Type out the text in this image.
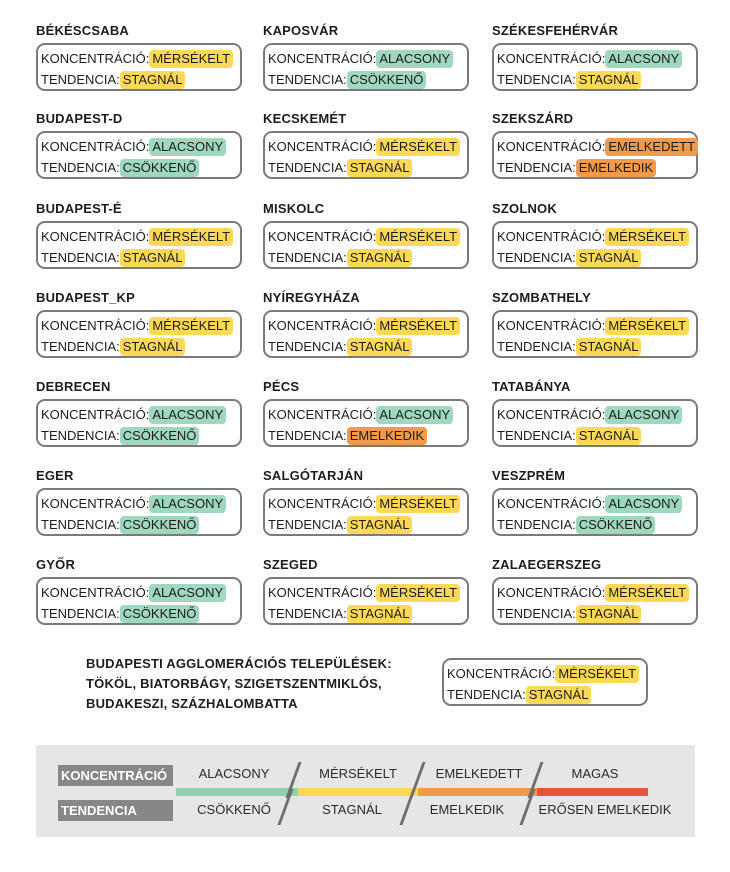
BÉKÉSCSABA
KONCENTRÁCIÓ: MÉRSÉKELT
TENDENCIA: STAGNÁL
KAPOSVÁR
KONCENTRÁCIÓ: ALACSONY
TENDENCIA: CSÖKKENŐ
SZÉKESFEHÉRVÁR
KONCENTRÁCIÓ: ALACSONY
TENDENCIA: STAGNÁL
BUDAPEST-D
KONCENTRÁCIÓ: ALACSONY
TENDENCIA: CSÖKKENŐ
KECSKEMÉT
KONCENTRÁCIÓ: MÉRSÉKELT
TENDENCIA: STAGNÁL
SZEKSZÁRD
KONCENTRÁCIÓ: EMELKEDETT
TENDENCIA: EMELKEDIK
BUDAPEST-É
KONCENTRÁCIÓ: MÉRSÉKELT
TENDENCIA: STAGNÁL
MISKOLC
KONCENTRÁCIÓ: MÉRSÉKELT
TENDENCIA: STAGNÁL
SZOLNOK
KONCENTRÁCIÓ: MÉRSÉKELT
TENDENCIA: STAGNÁL
BUDAPEST_KP
KONCENTRÁCIÓ: MÉRSÉKELT
TENDENCIA: STAGNÁL
NYÍREGYHÁZA
KONCENTRÁCIÓ: MÉRSÉKELT
TENDENCIA: STAGNÁL
SZOMBATHELY
KONCENTRÁCIÓ: MÉRSÉKELT
TENDENCIA: STAGNÁL
DEBRECEN
KONCENTRÁCIÓ: ALACSONY
TENDENCIA: CSÖKKENŐ
PÉCS
KONCENTRÁCIÓ: ALACSONY
TENDENCIA: EMELKEDIK
TATABÁNYA
KONCENTRÁCIÓ: ALACSONY
TENDENCIA: STAGNÁL
EGER
KONCENTRÁCIÓ: ALACSONY
TENDENCIA: CSÖKKENŐ
SALGÓTARJÁN
KONCENTRÁCIÓ: MÉRSÉKELT
TENDENCIA: STAGNÁL
VESZPRÉM
KONCENTRÁCIÓ: ALACSONY
TENDENCIA: CSÖKKENŐ
GYŐR
KONCENTRÁCIÓ: ALACSONY
TENDENCIA: CSÖKKENŐ
SZEGED
KONCENTRÁCIÓ: MÉRSÉKELT
TENDENCIA: STAGNÁL
ZALAEGERSZEG
KONCENTRÁCIÓ: MÉRSÉKELT
TENDENCIA: STAGNÁL
BUDAPESTI AGGLOMERÁCIÓS TELEPÜLÉSEK:
TÖKÖL, BIATORBÁGY, SZIGETSZENTMIKLÓS,
BUDAKESZI, SZÁZHALOMBATTA
KONCENTRÁCIÓ: MÉRSÉKELT
TENDENCIA: STAGNÁL
KONCENTRÁCIÓ
TENDENCIA
ALACSONY	MÉRSÉKELT	EMELKEDETT	MAGAS
CSÖKKENŐ	STAGNÁL	EMELKEDIK	ERŐSEN EMELKEDIK
